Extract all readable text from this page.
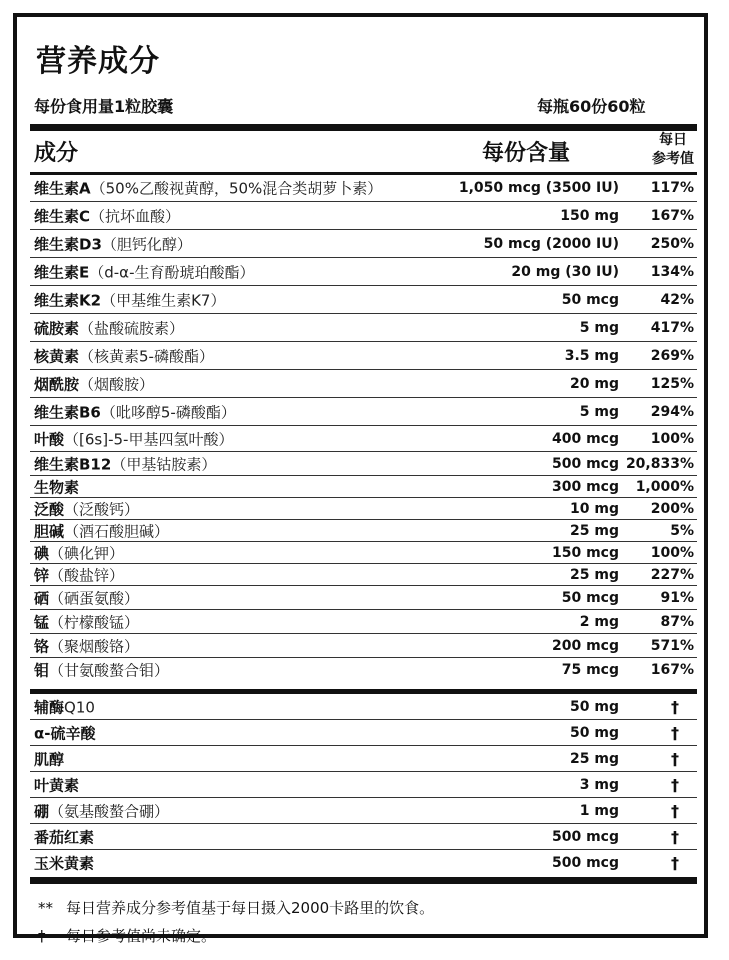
营养成分
每份食用量1粒胶囊	每瓶60份60粒
成分	每份含量
每日
参考值
维生素A（50%乙酸视黄醇，50%混合类胡萝卜素）	1,050 mcg (3500 IU) 117%
维生素C（抗坏血酸）	150 mg 167%
维生素D3（胆钙化醇）	50 mcg (2000 IU) 250%
维生素E（d-α-生育酚琥珀酸酯）	20 mg (30 IU) 134%
维生素K2（甲基维生素K7）	50 mcg	42%
硫胺素（盐酸硫胺素）	5 mg 417%
核黄素（核黄素5-磷酸酯）	3.5 mg 269%
烟酰胺（烟酸胺）	20 mg 125%
维生素B6（吡哆醇5-磷酸酯）	5 mg 294%
叶酸（[6s]-5-甲基四氢叶酸）	400 mcg 100%
维生素B12（甲基钴胺素）	500 mcg 20,833%
生物素	300 mcg 1,000%
泛酸（泛酸钙）	10 mg 200%
胆碱（酒石酸胆碱）	25 mg	5%
碘（碘化钾）	150 mcg 100%
锌（酸盐锌）	25 mg 227%
硒（硒蛋氨酸）	50 mcg	91%
锰（柠檬酸锰）	2 mg	87%
铬（聚烟酸铬）	200 mcg 571%
钼（甘氨酸螯合钼）	75 mcg 167%
辅酶Q10	50 mg	†
α-硫辛酸	50 mg	†
肌醇	25 mg	†
叶黄素	3 mg	†
硼（氨基酸螯合硼）	1 mg	†
番茄红素	500 mcg	†
玉米黄素	500 mcg	†
** 每日营养成分参考值基于每日摄入2000卡路里的饮食。
† 每日参考值尚未确定。
